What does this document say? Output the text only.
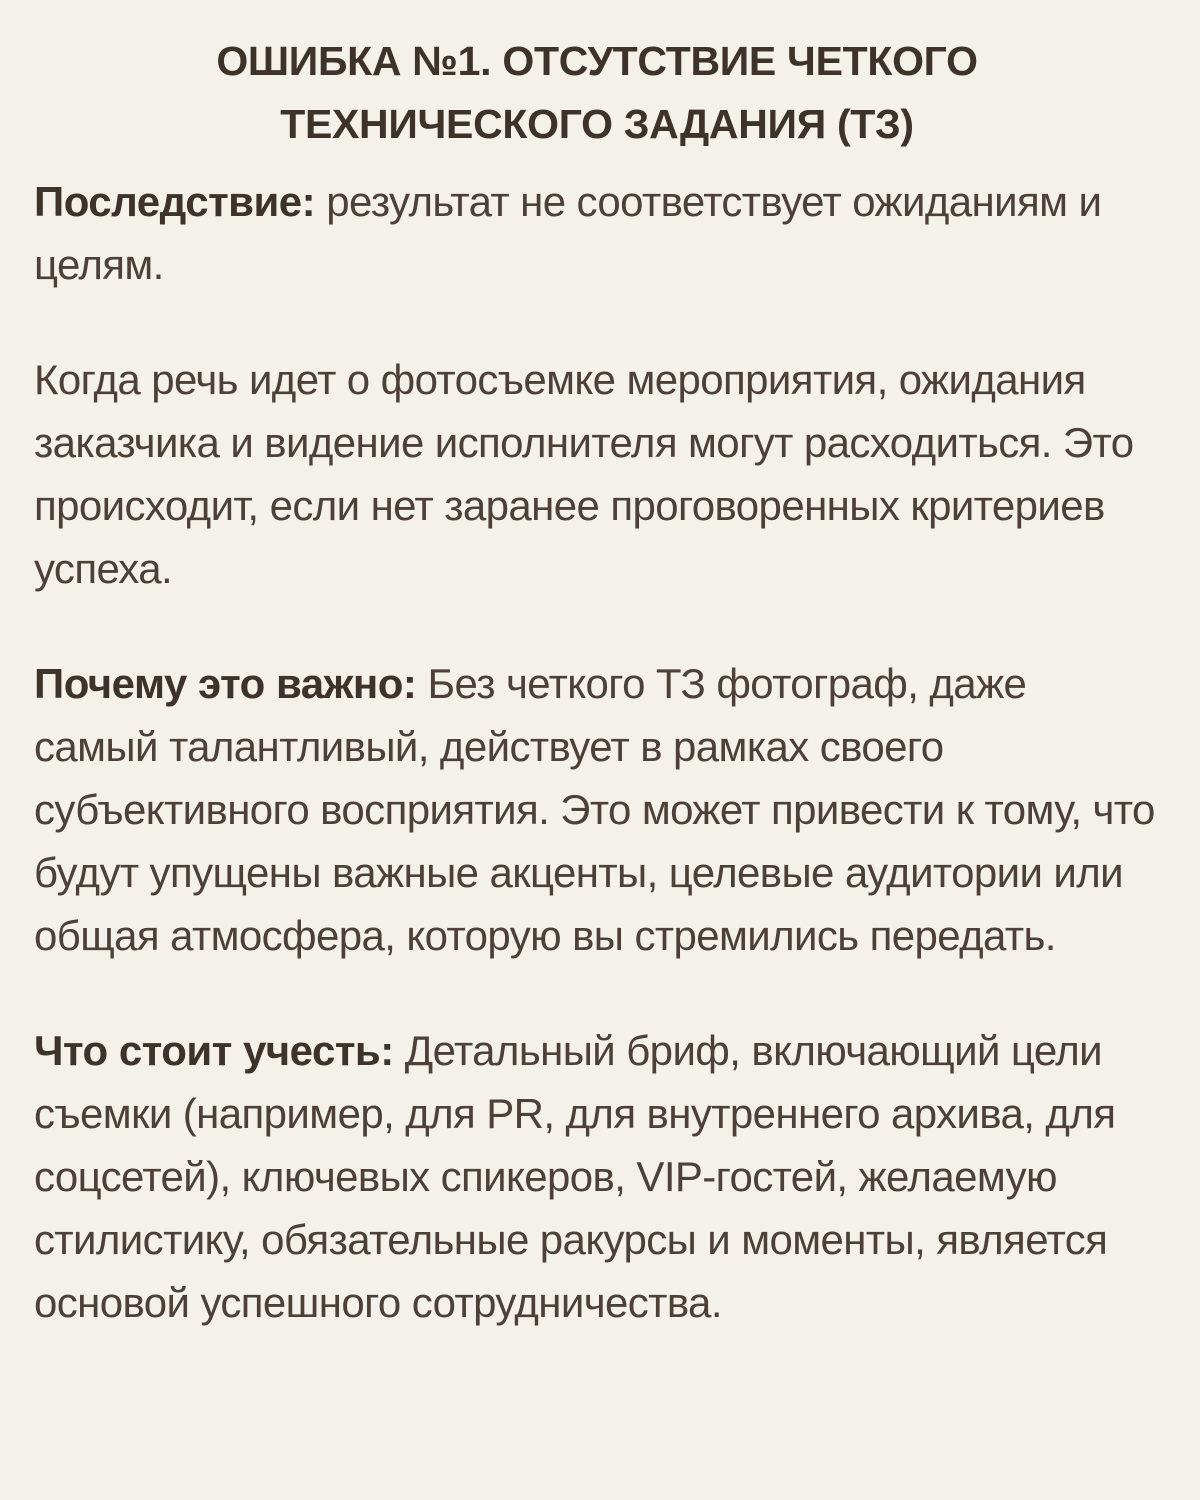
ОШИБКА №1. ОТСУТСТВИЕ ЧЕТКОГО
ТЕХНИЧЕСКОГО ЗАДАНИЯ (ТЗ)

Последствие: результат не соответствует ожиданиям и целям.

Когда речь идет о фотосъемке мероприятия, ожидания заказчика и видение исполнителя могут расходиться. Это происходит, если нет заранее проговоренных критериев успеха.

Почему это важно: Без четкого ТЗ фотограф, даже самый талантливый, действует в рамках своего субъективного восприятия. Это может привести к тому, что будут упущены важные акценты, целевые аудитории или общая атмосфера, которую вы стремились передать.

Что стоит учесть: Детальный бриф, включающий цели съемки (например, для PR, для внутреннего архива, для соцсетей), ключевых спикеров, VIP-гостей, желаемую стилистику, обязательные ракурсы и моменты, является основой успешного сотрудничества.
